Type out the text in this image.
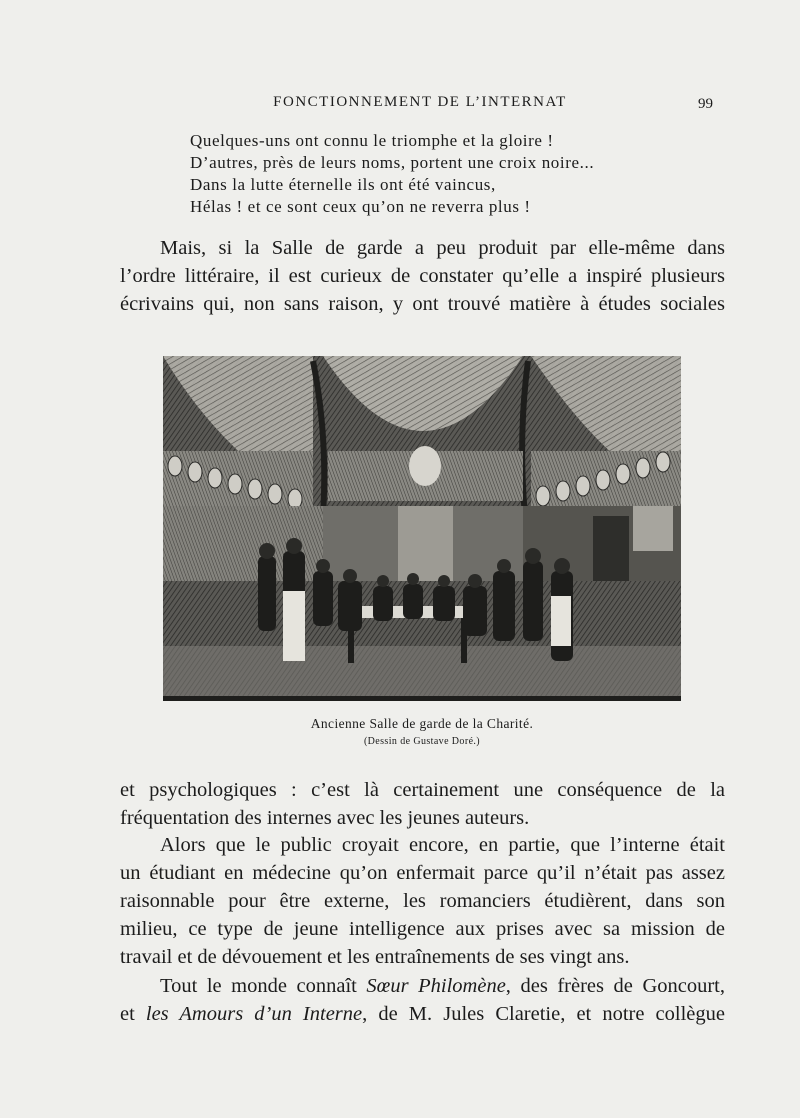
FONCTIONNEMENT DE L’INTERNAT	99
Quelques-uns ont connu le triomphe et la gloire !
D’autres, près de leurs noms, portent une croix noire...
Dans la lutte éternelle ils ont été vaincus,
Hélas ! et ce sont ceux qu’on ne reverra plus !
Mais, si la Salle de garde a peu produit par elle-même dans
l’ordre littéraire, il est curieux de constater qu’elle a inspiré plusieurs
écrivains qui, non sans raison, y ont trouvé matière à études sociales
Ancienne Salle de garde de la Charité.
(Dessin de Gustave Doré.)
et psychologiques : c’est là certainement une conséquence de la
fréquentation des internes avec les jeunes auteurs.
Alors que le public croyait encore, en partie, que l’interne était
un étudiant en médecine qu’on enfermait parce qu’il n’était pas assez
raisonnable pour être externe, les romanciers étudièrent, dans son
milieu, ce type de jeune intelligence aux prises avec sa mission de
travail et de dévouement et les entraînements de ses vingt ans.
Tout le monde connaît Sœur Philomène, des frères de Goncourt,
et les Amours d’un Interne, de M. Jules Claretie, et notre collègue
